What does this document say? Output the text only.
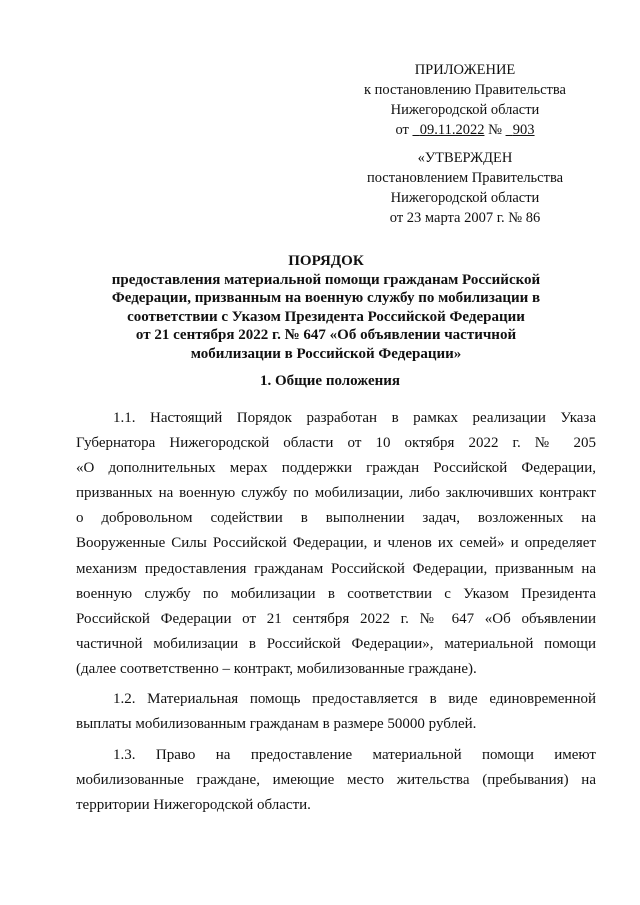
ПРИЛОЖЕНИЕ
к постановлению Правительства
Нижегородской области
от 09.11.2022 № 903
«УТВЕРЖДЕН
постановлением Правительства
Нижегородской области
от 23 марта 2007 г. № 86
ПОРЯДОК
предоставления материальной помощи гражданам Российской
Федерации, призванным на военную службу по мобилизации в
соответствии с Указом Президента Российской Федерации
от 21 сентября 2022 г. № 647 «Об объявлении частичной
мобилизации в Российской Федерации»
1. Общие положения
1.1. Настоящий Порядок разработан в рамках реализации Указа
Губернатора Нижегородской области от 10 октября 2022 г. № 205
«О дополнительных мерах поддержки граждан Российской Федерации,
призванных на военную службу по мобилизации, либо заключивших контракт
о добровольном содействии в выполнении задач, возложенных на
Вооруженные Силы Российской Федерации, и членов их семей» и определяет
механизм предоставления гражданам Российской Федерации, призванным на
военную службу по мобилизации в соответствии с Указом Президента
Российской Федерации от 21 сентября 2022 г. № 647 «Об объявлении
частичной мобилизации в Российской Федерации», материальной помощи
(далее соответственно – контракт, мобилизованные граждане).
1.2. Материальная помощь предоставляется в виде единовременной
выплаты мобилизованным гражданам в размере 50000 рублей.
1.3. Право на предоставление материальной помощи имеют
мобилизованные граждане, имеющие место жительства (пребывания) на
территории Нижегородской области.
